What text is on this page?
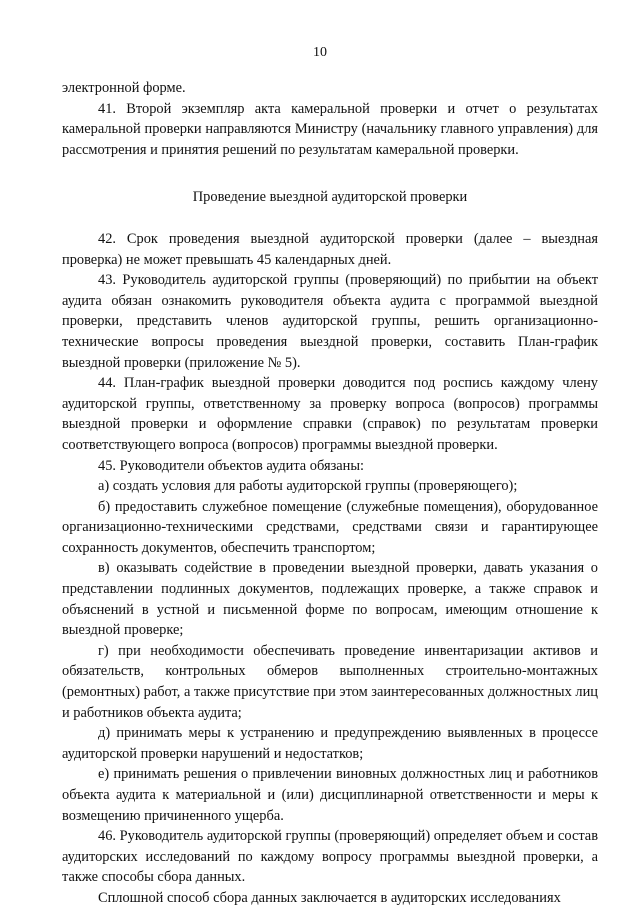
10

электронной форме.

41. Второй экземпляр акта камеральной проверки и отчет о результатах камеральной проверки направляются Министру (начальнику главного управления) для рассмотрения и принятия решений по результатам камеральной проверки.

Проведение выездной аудиторской проверки

42. Срок проведения выездной аудиторской проверки (далее – выездная проверка) не может превышать 45 календарных дней.

43. Руководитель аудиторской группы (проверяющий) по прибытии на объект аудита обязан ознакомить руководителя объекта аудита с программой выездной проверки, представить членов аудиторской группы, решить организационно-технические вопросы проведения выездной проверки, составить План-график выездной проверки (приложение № 5).

44. План-график выездной проверки доводится под роспись каждому члену аудиторской группы, ответственному за проверку вопроса (вопросов) программы выездной проверки и оформление справки (справок) по результатам проверки соответствующего вопроса (вопросов) программы выездной проверки.

45. Руководители объектов аудита обязаны:

а) создать условия для работы аудиторской группы (проверяющего);

б) предоставить служебное помещение (служебные помещения), оборудованное организационно-техническими средствами, средствами связи и гарантирующее сохранность документов, обеспечить транспортом;

в) оказывать содействие в проведении выездной проверки, давать указания о представлении подлинных документов, подлежащих проверке, а также справок и объяснений в устной и письменной форме по вопросам, имеющим отношение к выездной проверке;

г) при необходимости обеспечивать проведение инвентаризации активов и обязательств, контрольных обмеров выполненных строительно-монтажных (ремонтных) работ, а также присутствие при этом заинтересованных должностных лиц и работников объекта аудита;

д) принимать меры к устранению и предупреждению выявленных в процессе аудиторской проверки нарушений и недостатков;

е) принимать решения о привлечении виновных должностных лиц и работников объекта аудита к материальной и (или) дисциплинарной ответственности и меры к возмещению причиненного ущерба.

46. Руководитель аудиторской группы (проверяющий) определяет объем и состав аудиторских исследований по каждому вопросу программы выездной проверки, а также способы сбора данных.

Сплошной способ сбора данных заключается в аудиторских исследованиях
